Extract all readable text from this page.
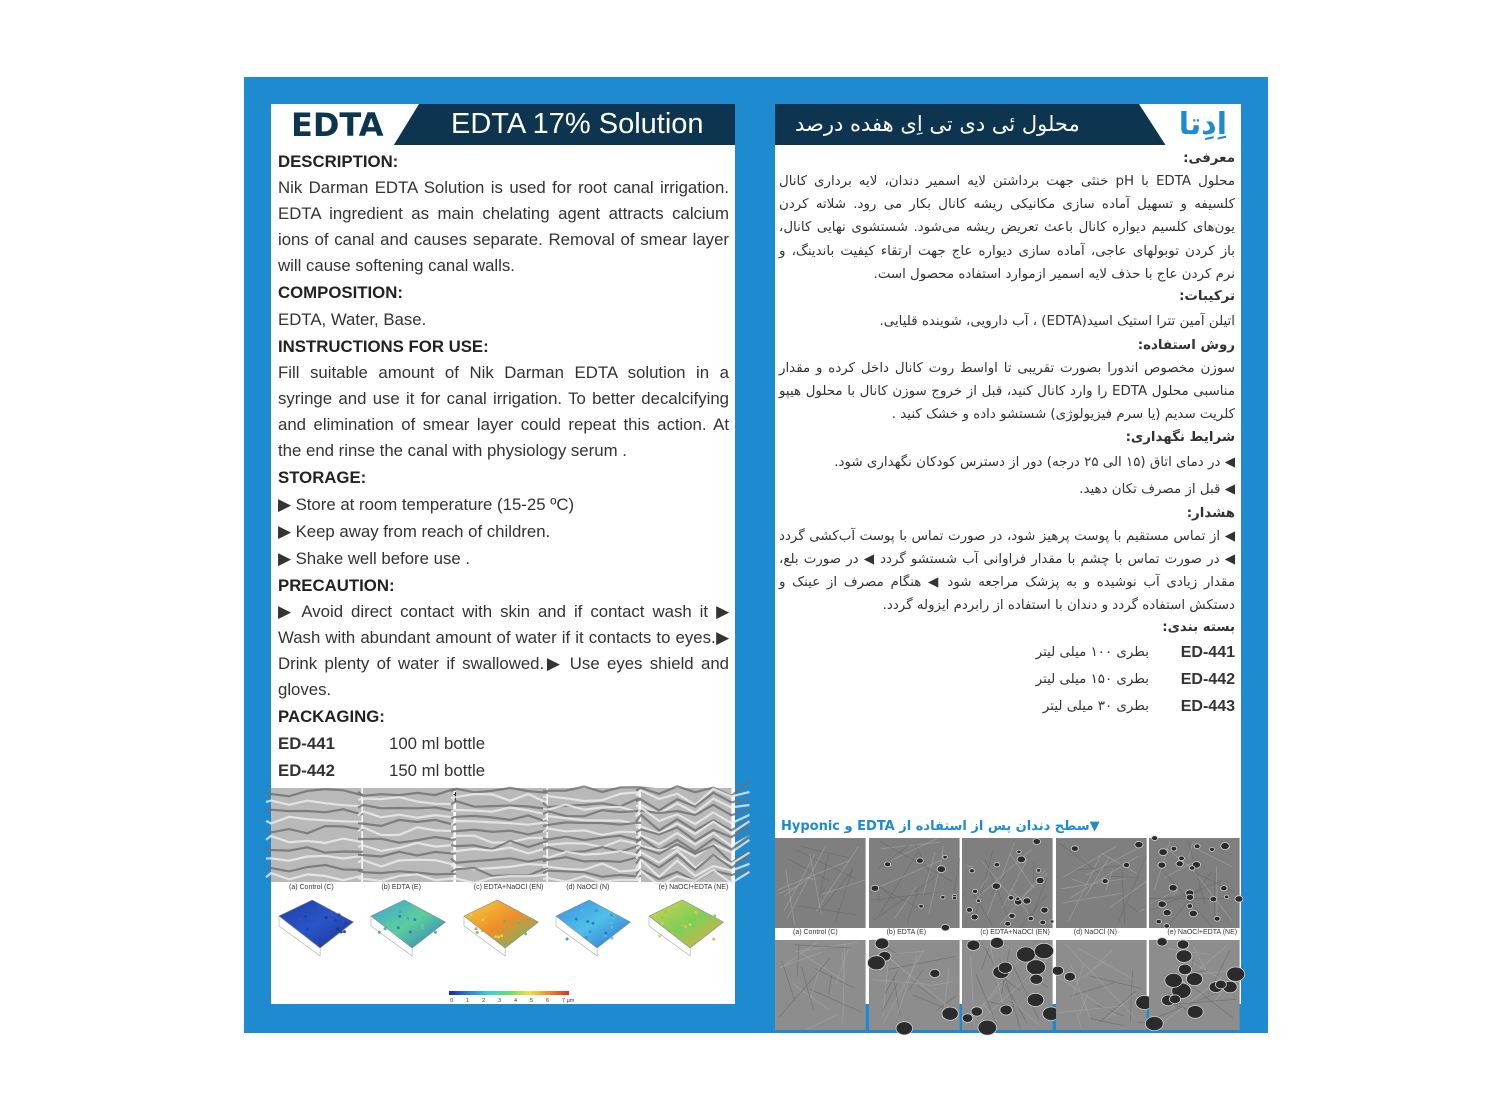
EDTA EDTA 17% Solution

DESCRIPTION:

Nik Darman EDTA Solution is used for root canal irrigation. EDTA ingredient as main chelating agent attracts calcium ions of canal and causes separate. Removal of smear layer will cause softening canal walls.

COMPOSITION:

EDTA, Water, Base.

INSTRUCTIONS FOR USE:

Fill suitable amount of Nik Darman EDTA solution in a syringe and use it for canal irrigation. To better decalcifying and elimination of smear layer could repeat this action. At the end rinse the canal with physiology serum .

STORAGE:

▶ Store at room temperature (15-25 ºC)

▶ Keep away from reach of children.

▶ Shake well before use .

PRECAUTION:

▶ Avoid direct contact with skin and if contact wash it ▶ Wash with abundant amount of water if it contacts to eyes.▶ Drink plenty of water if swallowed.▶ Use eyes shield and gloves.

PACKAGING:

ED-441	100 ml bottle
ED-442	150 ml bottle
(a) Control (C)	(b) EDTA (E)	(c) EDTA+NaOCl (EN)	(d) NaOCl (N)	(e) NaOCl+EDTA (NE)
0 1 2 3 4 5 6 7 µm
اِدِتا
محلول ئی دی تی اِی هفده درصد

معرفی:

محلول EDTA با pH خنثی جهت برداشتن لایه اسمیر دندان، لایه برداری کانال کلسیفه و تسهیل آماده سازی مکانیکی ریشه کانال بکار می رود. شلاته کردن یون‌های کلسیم دیواره کانال باعث تعریض ریشه می‌شود. شستشوی نهایی کانال، باز کردن توبولهای عاجی، آماده سازی دیواره عاج جهت ارتقاء کیفیت باندینگ، و نرم کردن عاج با حذف لایه اسمیر ازموارد استفاده محصول است.

ترکیبات:

اتیلن آمین تترا استیک اسید(EDTA) ، آب دارویی، شوینده قلیایی.

روش استفاده:

سوزن مخصوص اندورا بصورت تقریبی تا اواسط روت کانال داخل کرده و مقدار مناسبی محلول EDTA را وارد کانال کنید، قبل از خروج سوزن کانال با محلول هیپو کلریت سدیم (یا سرم فیزیولوژی) شستشو داده و خشک کنید .

شرایط نگهداری:

◀ در دمای اتاق (۱۵ الی ۲۵ درجه) دور از دسترس کودکان نگهداری شود.

◀ قبل از مصرف تکان دهید.

هشدار:

◀ از تماس مستقیم با پوست پرهیز شود، در صورت تماس با پوست آب‌کشی گردد ◀ در صورت تماس با چشم با مقدار فراوانی آب شستشو گردد ◀ در صورت بلع، مقدار زیادی آب نوشیده و به پزشک مراجعه شود ◀ هنگام مصرف از عینک و دستکش استفاده گردد و دندان با استفاده از رابردم ایزوله گردد.

بسته بندی:

ED-441
بطری ۱۰۰ میلی لیتر
ED-442
بطری ۱۵۰ میلی لیتر
ED-443
بطری ۳۰ میلی لیتر
▼سطح دندان پس از استفاده از EDTA و Hyponic
(a) Control (C)	(b) EDTA (E)	(c) EDTA+NaOCl (EN)	(d) NaOCl (N)	(e) NaOCl+EDTA (NE)
